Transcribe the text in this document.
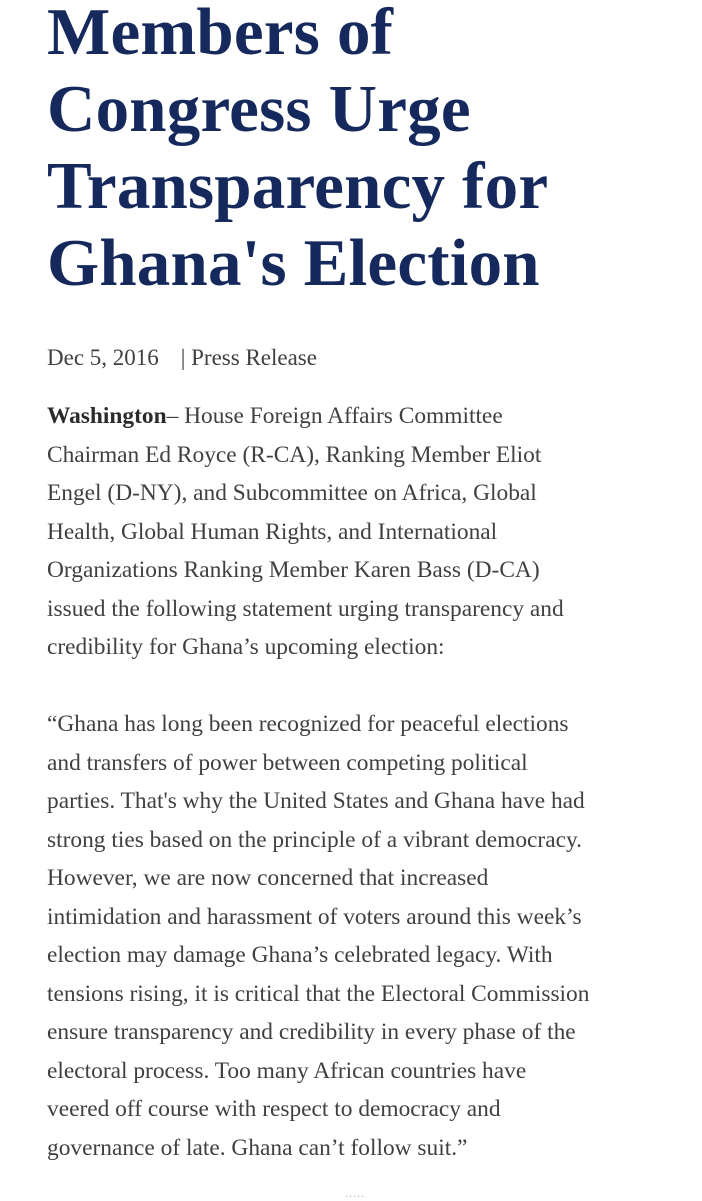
Members of
Congress Urge
Transparency for
Ghana's Election
Dec 5, 2016 | Press Release
Washington– House Foreign Affairs Committee
Chairman Ed Royce (R-CA), Ranking Member Eliot
Engel (D-NY), and Subcommittee on Africa, Global
Health, Global Human Rights, and International
Organizations Ranking Member Karen Bass (D-CA)
issued the following statement urging transparency and
credibility for Ghana’s upcoming election:
“Ghana has long been recognized for peaceful elections
and transfers of power between competing political
parties. That's why the United States and Ghana have had
strong ties based on the principle of a vibrant democracy.
However, we are now concerned that increased
intimidation and harassment of voters around this week’s
election may damage Ghana’s celebrated legacy. With
tensions rising, it is critical that the Electoral Commission
ensure transparency and credibility in every phase of the
electoral process. Too many African countries have
veered off course with respect to democracy and
governance of late. Ghana can’t follow suit.”
.....
